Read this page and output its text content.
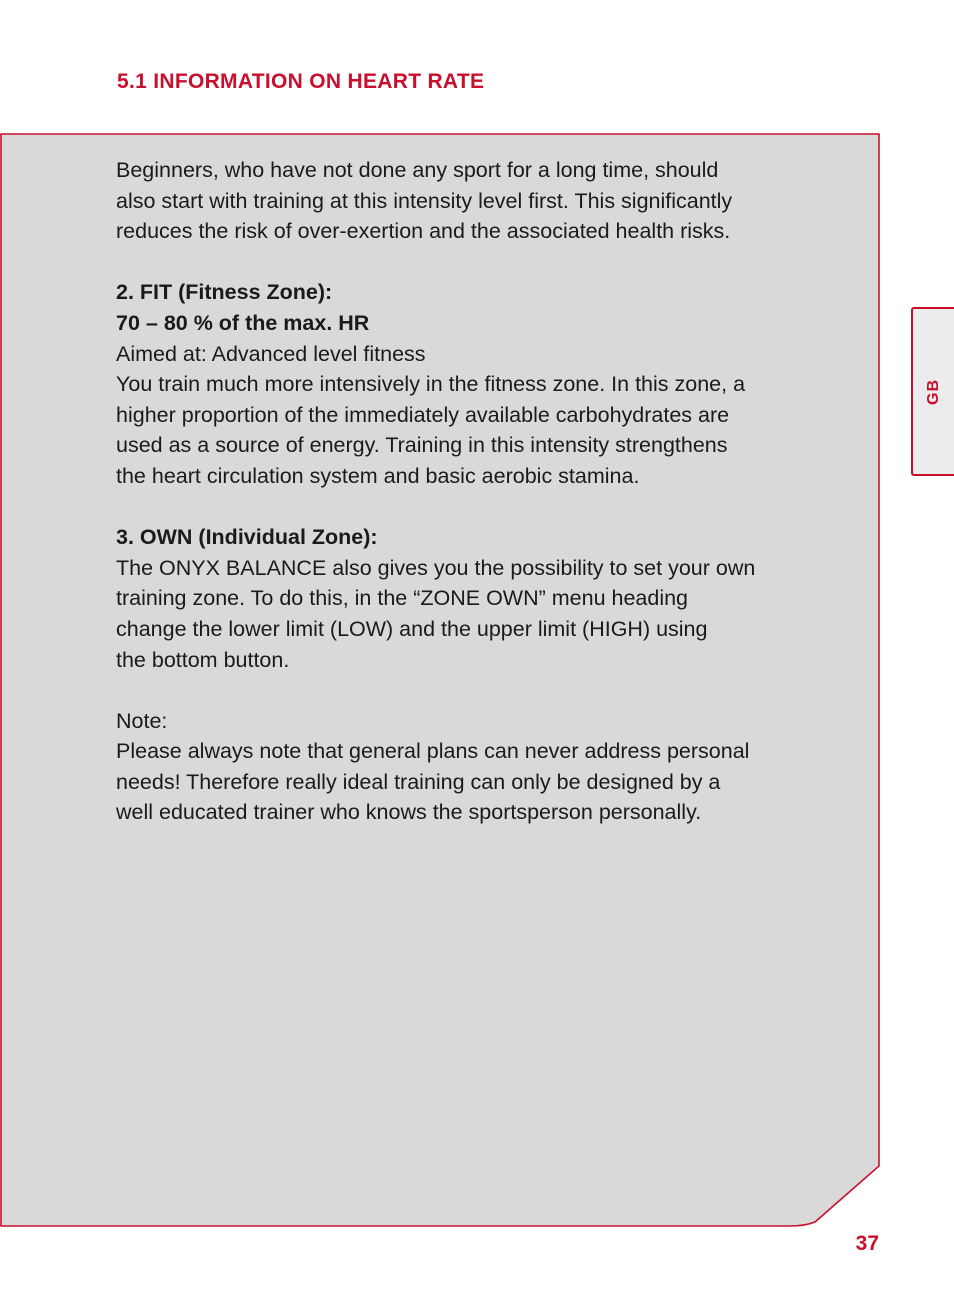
5.1 INFORMATION ON HEART RATE

Beginners, who have not done any sport for a long time, should
also start with training at this intensity level first. This significantly
reduces the risk of over-exertion and the associated health risks.

2. FIT (Fitness Zone):
70 – 80 % of the max. HR
Aimed at: Advanced level fitness
You train much more intensively in the fitness zone. In this zone, a
higher proportion of the immediately available carbohydrates are
used as a source of energy. Training in this intensity strengthens
the heart circulation system and basic aerobic stamina.

3. OWN (Individual Zone):
The ONYX BALANCE also gives you the possibility to set your own
training zone. To do this, in the “ZONE OWN” menu heading
change the lower limit (LOW) and the upper limit (HIGH) using
the bottom button.

Note:
Please always note that general plans can never address personal
needs! Therefore really ideal training can only be designed by a
well educated trainer who knows the sportsperson personally.

GB
37
